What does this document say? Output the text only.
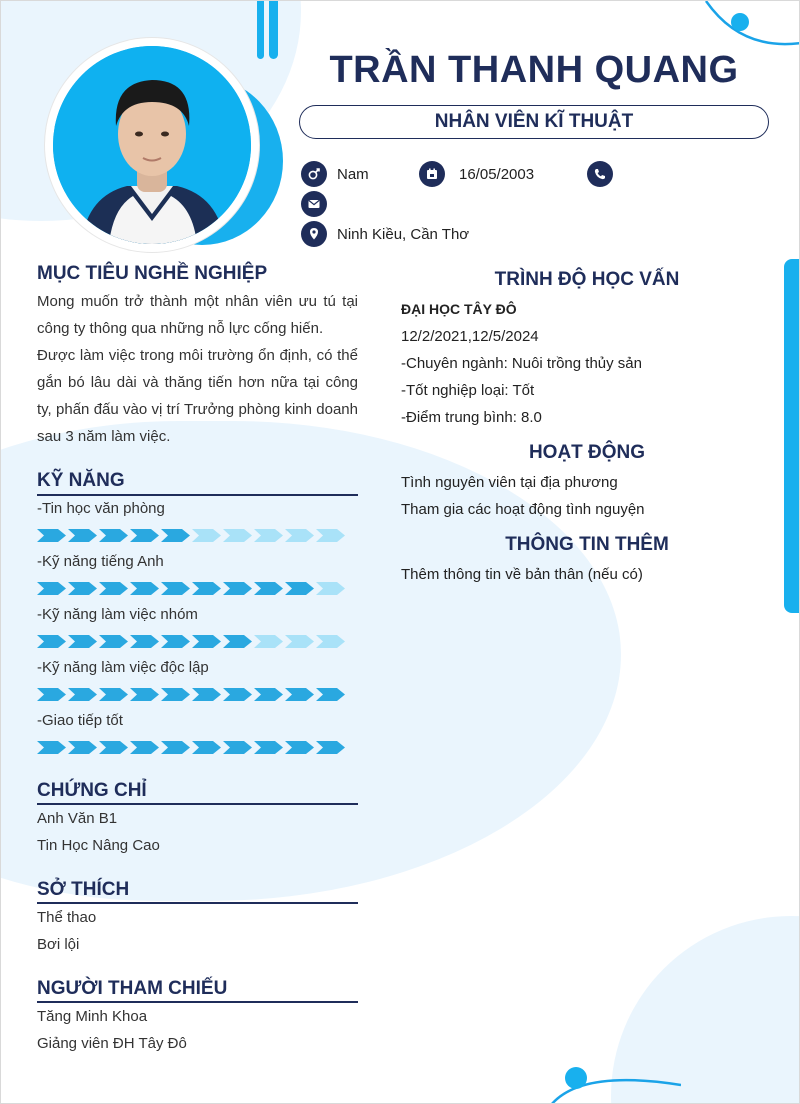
TRẦN THANH QUANG
NHÂN VIÊN KĨ THUẬT
Nam	16/05/2003
Ninh Kiều, Cần Thơ
MỤC TIÊU NGHỀ NGHIỆP
Mong muốn trở thành một nhân viên ưu tú tại công ty thông qua những nỗ lực cống hiến.
Được làm việc trong môi trường ổn định, có thể gắn bó lâu dài và thăng tiến hơn nữa tại công ty, phấn đấu vào vị trí Trưởng phòng kinh doanh sau 3 năm làm việc.
KỸ NĂNG
-Tin học văn phòng
-Kỹ năng tiếng Anh
-Kỹ năng làm việc nhóm
-Kỹ năng làm việc độc lập
-Giao tiếp tốt
CHỨNG CHỈ
Anh Văn B1
Tin Học Nâng Cao
SỞ THÍCH
Thể thao
Bơi lội
NGƯỜI THAM CHIẾU
Tăng Minh Khoa
Giảng viên ĐH Tây Đô
TRÌNH ĐỘ HỌC VẤN
ĐẠI HỌC TÂY ĐÔ
12/2/2021,12/5/2024
-Chuyên ngành: Nuôi trồng thủy sản
-Tốt nghiệp loại: Tốt
-Điểm trung bình: 8.0
HOẠT ĐỘNG
Tình nguyên viên tại địa phương
Tham gia các hoạt động tình nguyện
THÔNG TIN THÊM
Thêm thông tin về bản thân (nếu có)
